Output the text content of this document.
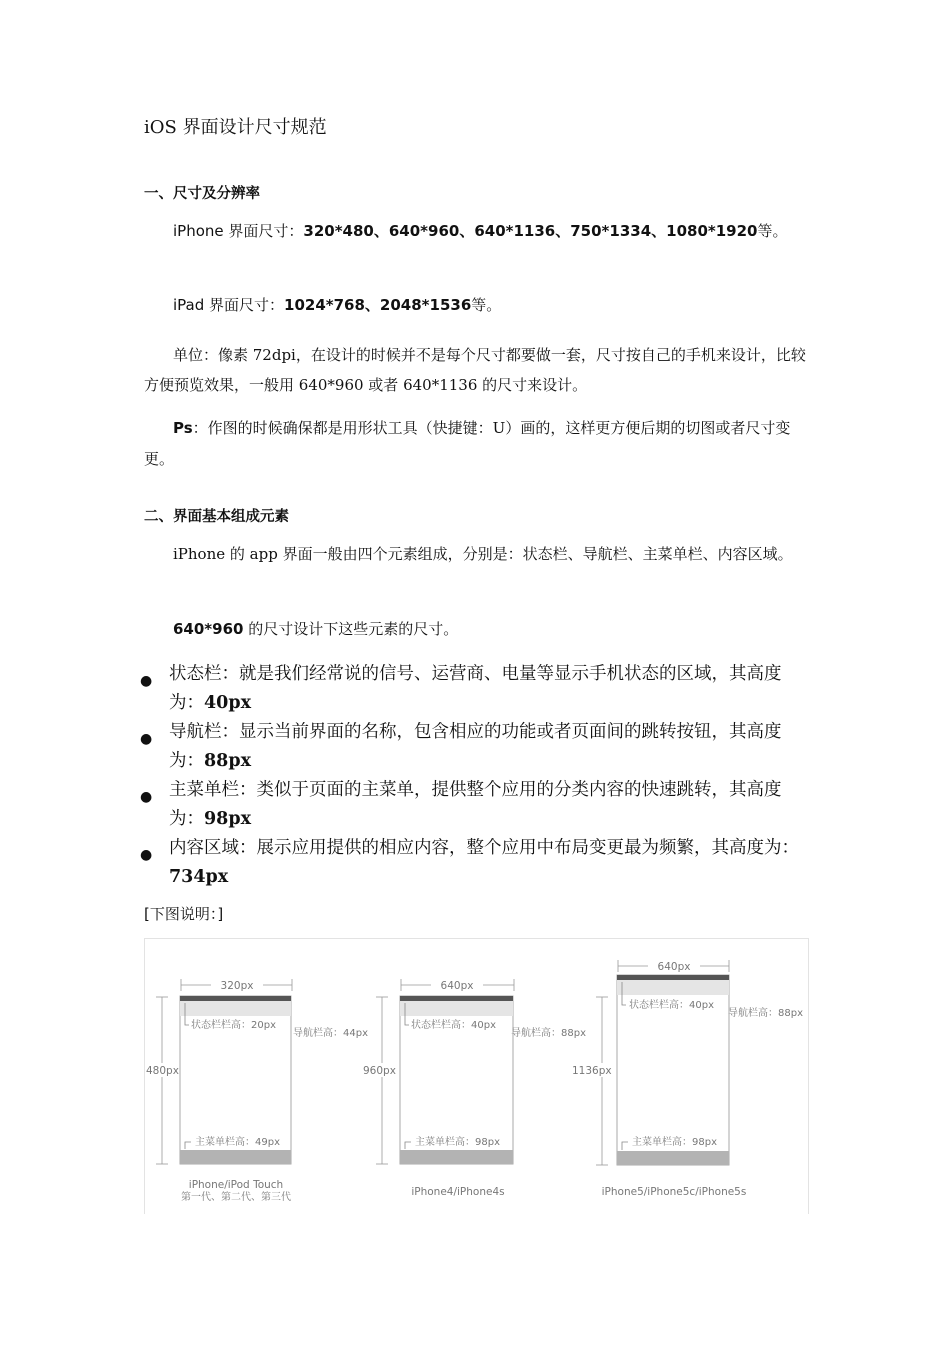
iOS 界面设计尺寸规范
一、尺寸及分辨率
iPhone 界面尺寸：320*480、640*960、640*1136、750*1334、1080*1920等。
iPad 界面尺寸：1024*768、2048*1536等。
单位：像素 72dpi，在设计的时候并不是每个尺寸都要做一套，尺寸按自己的手机来设计，比较方便预览效果，一般用 640*960 或者 640*1136 的尺寸来设计。
Ps：作图的时候确保都是用形状工具（快捷键：U）画的，这样更方便后期的切图或者尺寸变更。
二、界面基本组成元素
iPhone 的 app 界面一般由四个元素组成，分别是：状态栏、导航栏、主菜单栏、内容区域。
640*960 的尺寸设计下这些元素的尺寸。
● 状态栏：就是我们经常说的信号、运营商、电量等显示手机状态的区域，其高度为：40px
● 导航栏：显示当前界面的名称，包含相应的功能或者页面间的跳转按钮，其高度为：88px
● 主菜单栏：类似于页面的主菜单，提供整个应用的分类内容的快速跳转，其高度为：98px
● 内容区域：展示应用提供的相应内容，整个应用中布局变更最为频繁，其高度为：734px
[下图说明：]
320px
480px
状态栏栏高：20px
导航栏高：44px
主菜单栏高：49px
iPhone/iPod Touch
第一代、第二代、第三代
640px
960px
状态栏栏高：40px
导航栏高：88px
主菜单栏高：98px
iPhone4/iPhone4s
640px
1136px
状态栏栏高：40px
导航栏高：88px
主菜单栏高：98px
iPhone5/iPhone5c/iPhone5s
